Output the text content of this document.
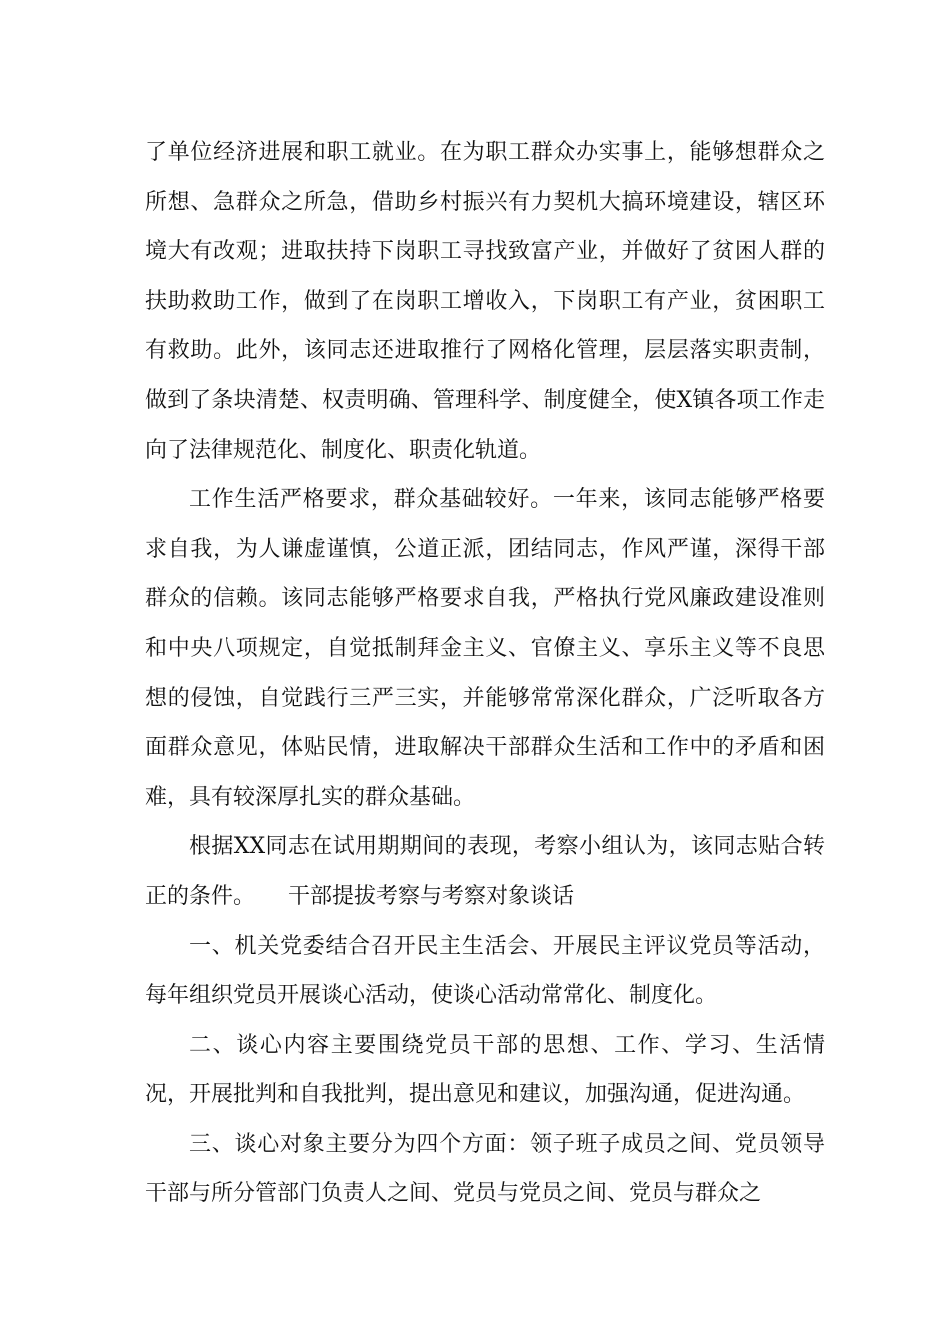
了单位经济进展和职工就业。在为职工群众办实事上，能够想群众之所想、急群众之所急，借助乡村振兴有力契机大搞环境建设，辖区环境大有改观；进取扶持下岗职工寻找致富产业，并做好了贫困人群的扶助救助工作，做到了在岗职工增收入，下岗职工有产业，贫困职工有救助。此外，该同志还进取推行了网格化管理，层层落实职责制，做到了条块清楚、权责明确、管理科学、制度健全，使X镇各项工作走向了法律规范化、制度化、职责化轨道。

工作生活严格要求，群众基础较好。一年来，该同志能够严格要求自我，为人谦虚谨慎，公道正派，团结同志，作风严谨，深得干部群众的信赖。该同志能够严格要求自我，严格执行党风廉政建设准则和中央八项规定，自觉抵制拜金主义、官僚主义、享乐主义等不良思想的侵蚀，自觉践行三严三实，并能够常常深化群众，广泛听取各方面群众意见，体贴民情，进取解决干部群众生活和工作中的矛盾和困难，具有较深厚扎实的群众基础。

根据XX同志在试用期期间的表现，考察小组认为，该同志贴合转正的条件。　　干部提拔考察与考察对象谈话

一、机关党委结合召开民主生活会、开展民主评议党员等活动，每年组织党员开展谈心活动，使谈心活动常常化、制度化。

二、谈心内容主要围绕党员干部的思想、工作、学习、生活情况，开展批判和自我批判，提出意见和建议，加强沟通，促进沟通。

三、谈心对象主要分为四个方面：领子班子成员之间、党员领导干部与所分管部门负责人之间、党员与党员之间、党员与群众之
